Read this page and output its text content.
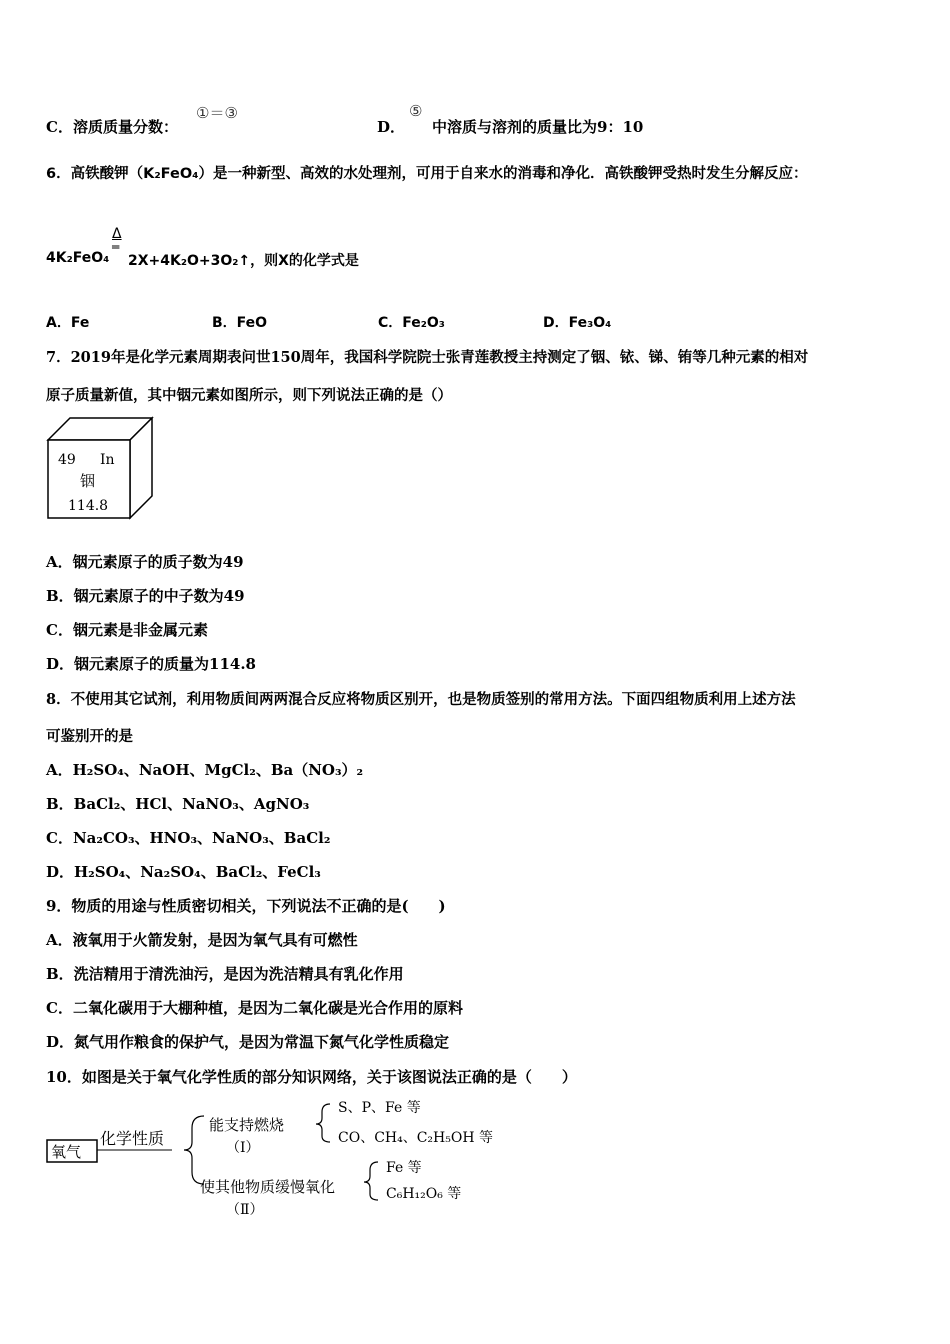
C．溶质质量分数：
①＝③
D．
⑤
中溶质与溶剂的质量比为9：10
6．高铁酸钾（K₂FeO₄）是一种新型、高效的水处理剂，可用于自来水的消毒和净化．高铁酸钾受热时发生分解反应：
Δ
═
4K₂FeO₄ 2X+4K₂O+3O₂↑，则X的化学式是
A．Fe	B．FeO	C．Fe₂O₃	D．Fe₃O₄
7．2019年是化学元素周期表问世150周年，我国科学院院士张青莲教授主持测定了铟、铱、锑、铕等几种元素的相对
原子质量新值，其中铟元素如图所示，则下列说法正确的是（）
49 In
铟
114.8
A．铟元素原子的质子数为49
B．铟元素原子的中子数为49
C．铟元素是非金属元素
D．铟元素原子的质量为114.8
8．不使用其它试剂，利用物质间两两混合反应将物质区别开，也是物质签别的常用方法。下面四组物质利用上述方法
可鉴别开的是
A．H₂SO₄、NaOH、MgCl₂、Ba（NO₃）₂
B．BaCl₂、HCl、NaNO₃、AgNO₃
C．Na₂CO₃、HNO₃、NaNO₃、BaCl₂
D．H₂SO₄、Na₂SO₄、BaCl₂、FeCl₃
9．物质的用途与性质密切相关，下列说法不正确的是(　　)
A．液氧用于火箭发射，是因为氧气具有可燃性
B．洗洁精用于清洗油污，是因为洗洁精具有乳化作用
C．二氧化碳用于大棚种植，是因为二氧化碳是光合作用的原料
D．氮气用作粮食的保护气，是因为常温下氮气化学性质稳定
10．如图是关于氧气化学性质的部分知识网络，关于该图说法正确的是（　　）
氧气
化学性质
能支持燃烧
（Ⅰ）
S、P、Fe 等
CO、CH₄、C₂H₅OH 等
使其他物质缓慢氧化
（Ⅱ）
Fe 等
C₆H₁₂O₆ 等
